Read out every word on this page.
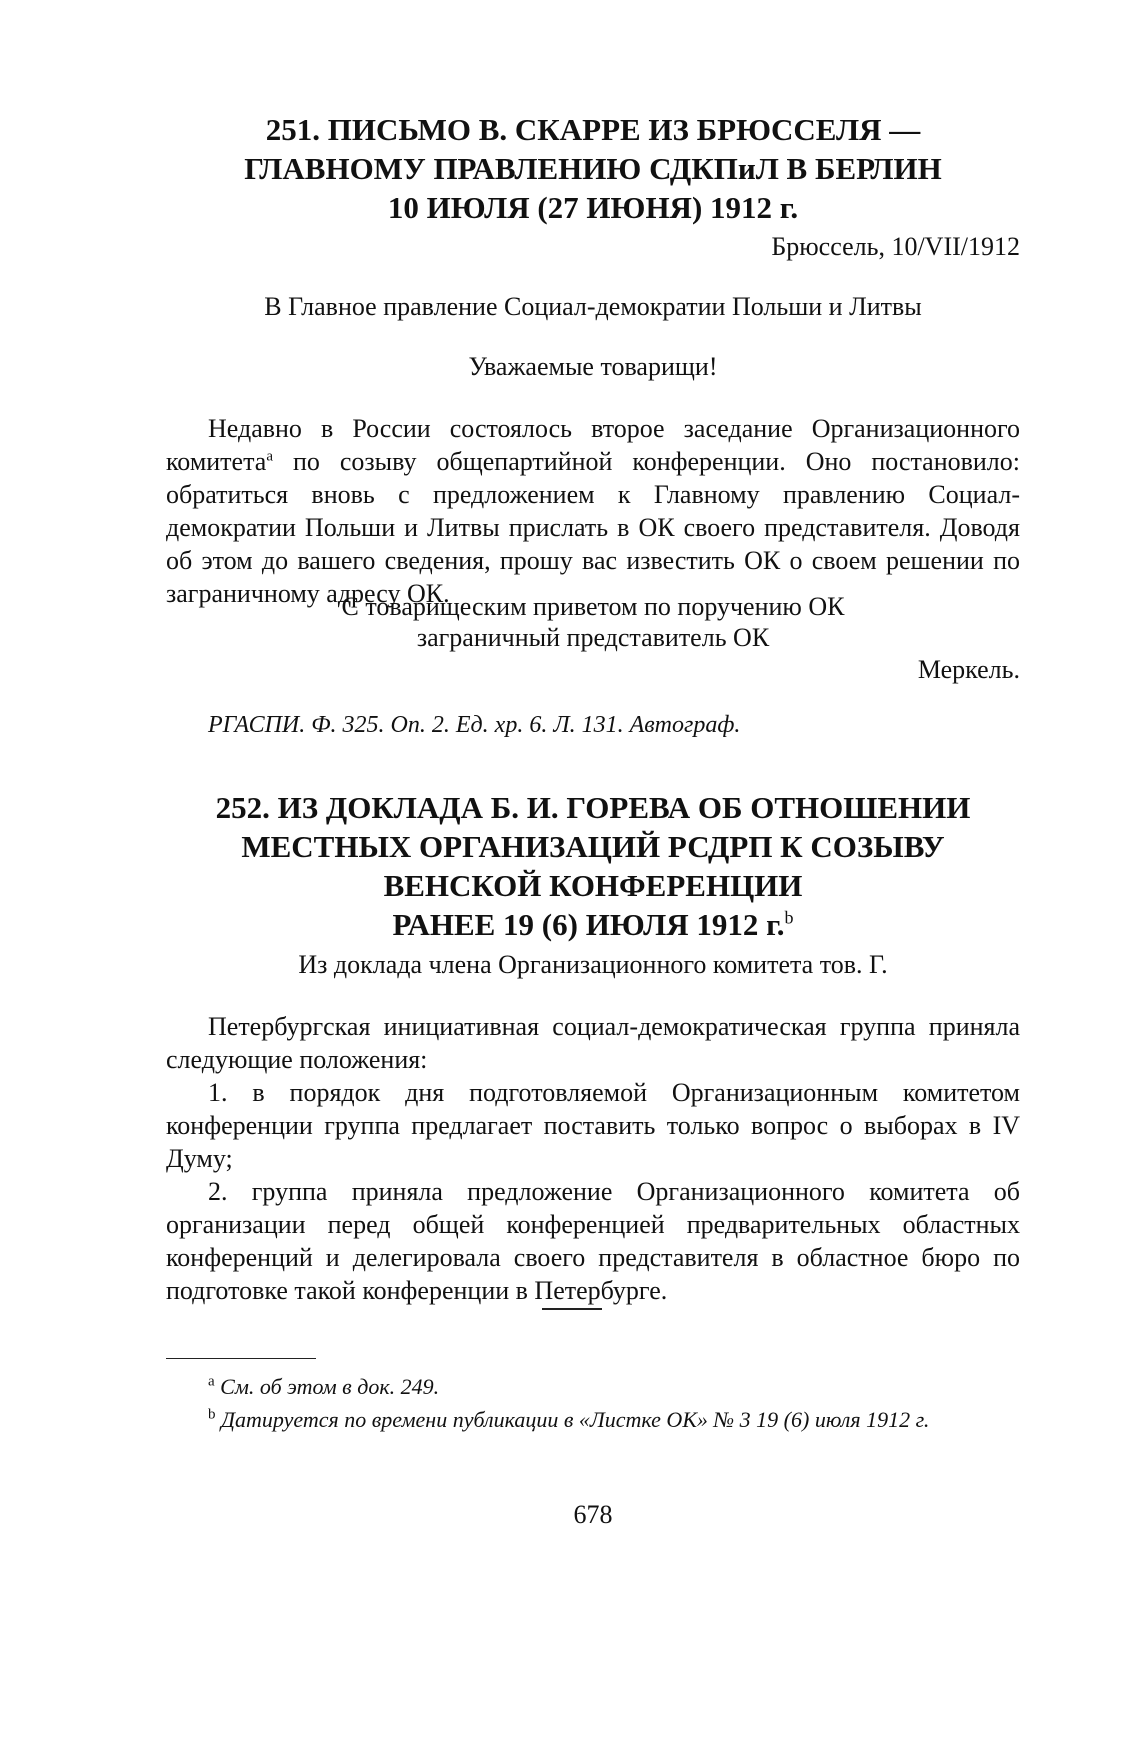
251. ПИСЬМО В. СКАРРЕ ИЗ БРЮССЕЛЯ —
ГЛАВНОМУ ПРАВЛЕНИЮ СДКПиЛ В БЕРЛИН
10 ИЮЛЯ (27 ИЮНЯ) 1912 г.
Брюссель, 10/VII/1912
В Главное правление Социал-демократии Польши и Литвы
Уважаемые товарищи!

Недавно в России состоялось второе заседание Организационного комитета$^a$ по созыву общепартийной конференции. Оно постановило: обратиться вновь с предложением к Главному правлению Социал-демократии Польши и Литвы прислать в ОК своего представителя. Доводя об этом до вашего сведения, прошу вас известить ОК о своем решении по заграничному адресу ОК.

С товарищеским приветом по поручению ОК
заграничный представитель ОК
Меркель.
РГАСПИ. Ф. 325. Оп. 2. Ед. хр. 6. Л. 131. Автограф.
252. ИЗ ДОКЛАДА Б. И. ГОРЕВА ОБ ОТНОШЕНИИ
МЕСТНЫХ ОРГАНИЗАЦИЙ РСДРП К СОЗЫВУ
ВЕНСКОЙ КОНФЕРЕНЦИИ
РАНЕЕ 19 (6) ИЮЛЯ 1912 г.$^b$
Из доклада члена Организационного комитета тов. Г.

Петербургская инициативная социал-демократическая группа приняла следующие положения:

1. в порядок дня подготовляемой Организационным комитетом конференции группа предлагает поставить только вопрос о выборах в IV Думу;

2. группа приняла предложение Организационного комитета об организации перед общей конференцией предварительных областных конференций и делегировала своего представителя в областное бюро по подготовке такой конференции в Петербурге.

$^a$ См. об этом в док. 249.
$^b$ Датируется по времени публикации в «Листке ОК» № 3 19 (6) июля 1912 г.
678
